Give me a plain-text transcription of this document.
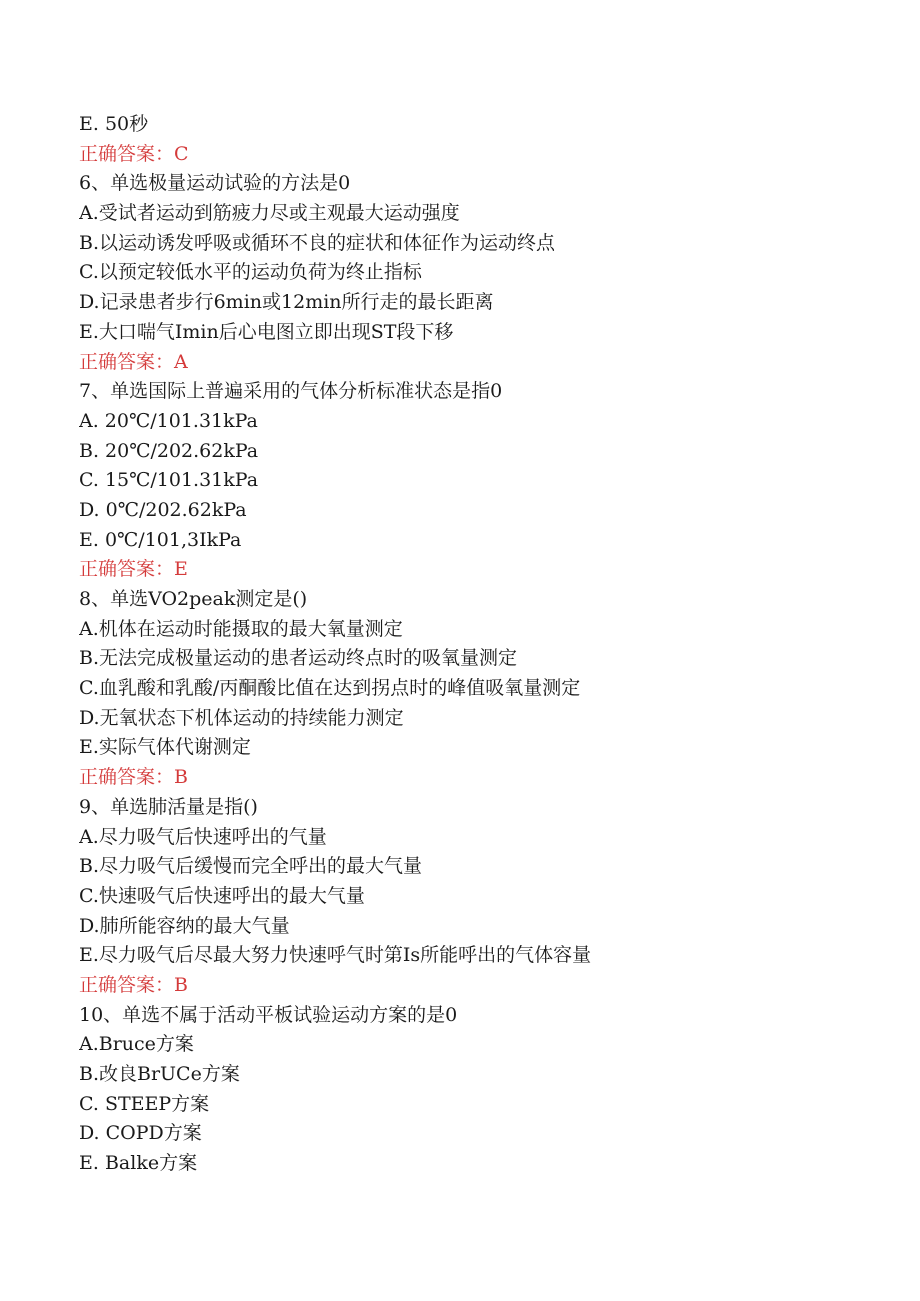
E. 50秒
正确答案：C
6、单选极量运动试验的方法是0
A.受试者运动到筋疲力尽或主观最大运动强度
B.以运动诱发呼吸或循环不良的症状和体征作为运动终点
C.以预定较低水平的运动负荷为终止指标
D.记录患者步行6min或12min所行走的最长距离
E.大口喘气Imin后心电图立即出现ST段下移
正确答案：A
7、单选国际上普遍采用的气体分析标准状态是指0
A. 20℃/101.31kPa
B. 20℃/202.62kPa
C. 15℃/101.31kPa
D. 0℃/202.62kPa
E. 0℃/101,3IkPa
正确答案：E
8、单选VO2peak测定是()
A.机体在运动时能摄取的最大氧量测定
B.无法完成极量运动的患者运动终点时的吸氧量测定
C.血乳酸和乳酸/丙酮酸比值在达到拐点时的峰值吸氧量测定
D.无氧状态下机体运动的持续能力测定
E.实际气体代谢测定
正确答案：B
9、单选肺活量是指()
A.尽力吸气后快速呼出的气量
B.尽力吸气后缓慢而完全呼出的最大气量
C.快速吸气后快速呼出的最大气量
D.肺所能容纳的最大气量
E.尽力吸气后尽最大努力快速呼气时第Is所能呼出的气体容量
正确答案：B
10、单选不属于活动平板试验运动方案的是0
A.Bruce方案
B.改良BrUCe方案
C. STEEP方案
D. COPD方案
E. Balke方案
